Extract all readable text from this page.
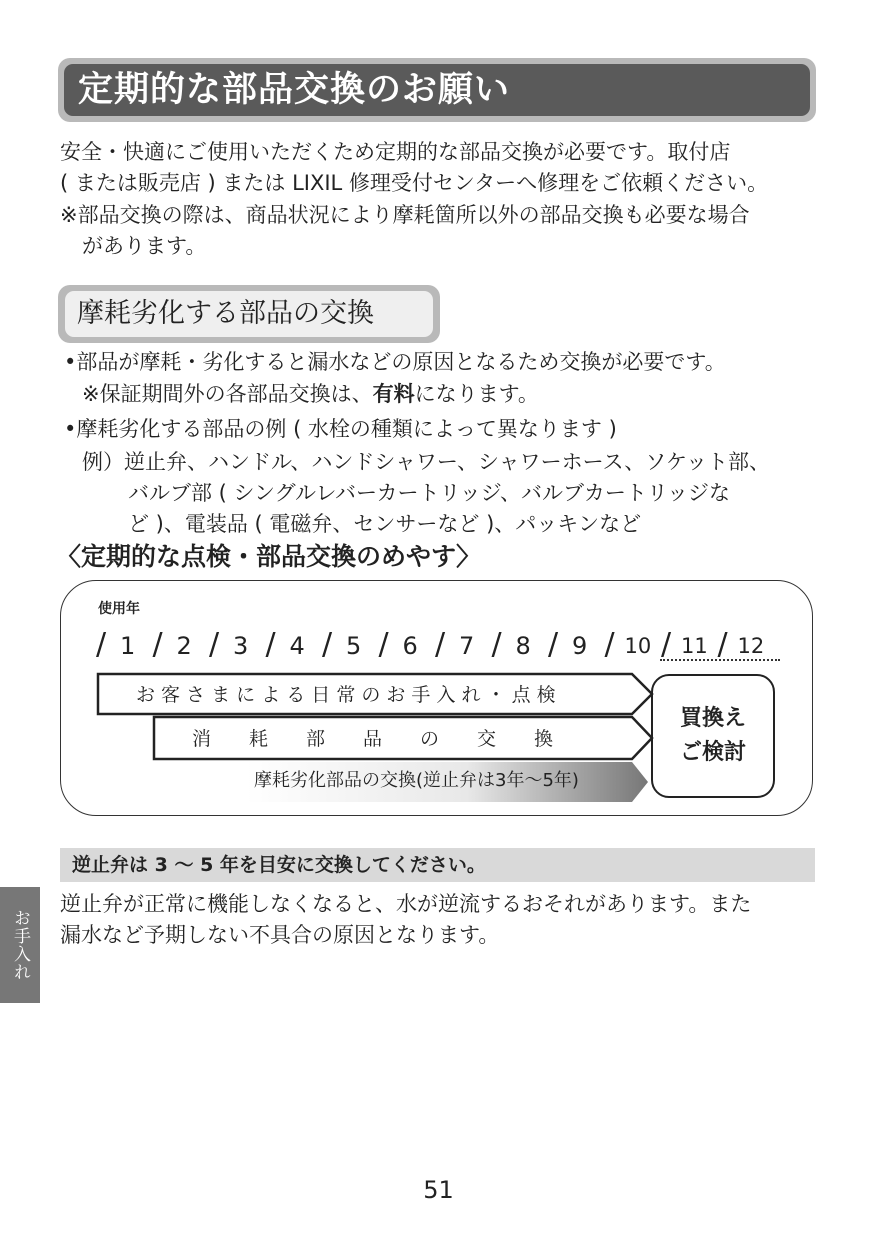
定期的な部品交換のお願い
安全・快適にご使用いただくため定期的な部品交換が必要です。取付店
( または販売店 ) または LIXIL 修理受付センターへ修理をご依頼ください。
※部品交換の際は、商品状況により摩耗箇所以外の部品交換も必要な場合
があります。
摩耗劣化する部品の交換
•部品が摩耗・劣化すると漏水などの原因となるため交換が必要です。
※保証期間外の各部品交換は、有料になります。
•摩耗劣化する部品の例 ( 水栓の種類によって異なります )
例）逆止弁、ハンドル、ハンドシャワー、シャワーホース、ソケット部、
バルブ部 ( シングルレバーカートリッジ、バルブカートリッジな
ど )、電装品 ( 電磁弁、センサーなど )、パッキンなど
〈定期的な点検・部品交換のめやす〉
使用年
/ 1 / 2 / 3 / 4 / 5 / 6 / 7 / 8 / 9 / 10 / 11 / 12
お 客 さ ま に よ る 日 常 の お 手 入 れ ・ 点 検
消　　耗　　部　　品　　の　　交　　換
摩耗劣化部品の交換(逆止弁は3年〜5年)
買換え
ご検討
逆止弁は 3 ～ 5 年を目安に交換してください。
逆止弁が正常に機能しなくなると、水が逆流するおそれがあります。また
漏水など予期しない不具合の原因となります。
お手入れ
51
